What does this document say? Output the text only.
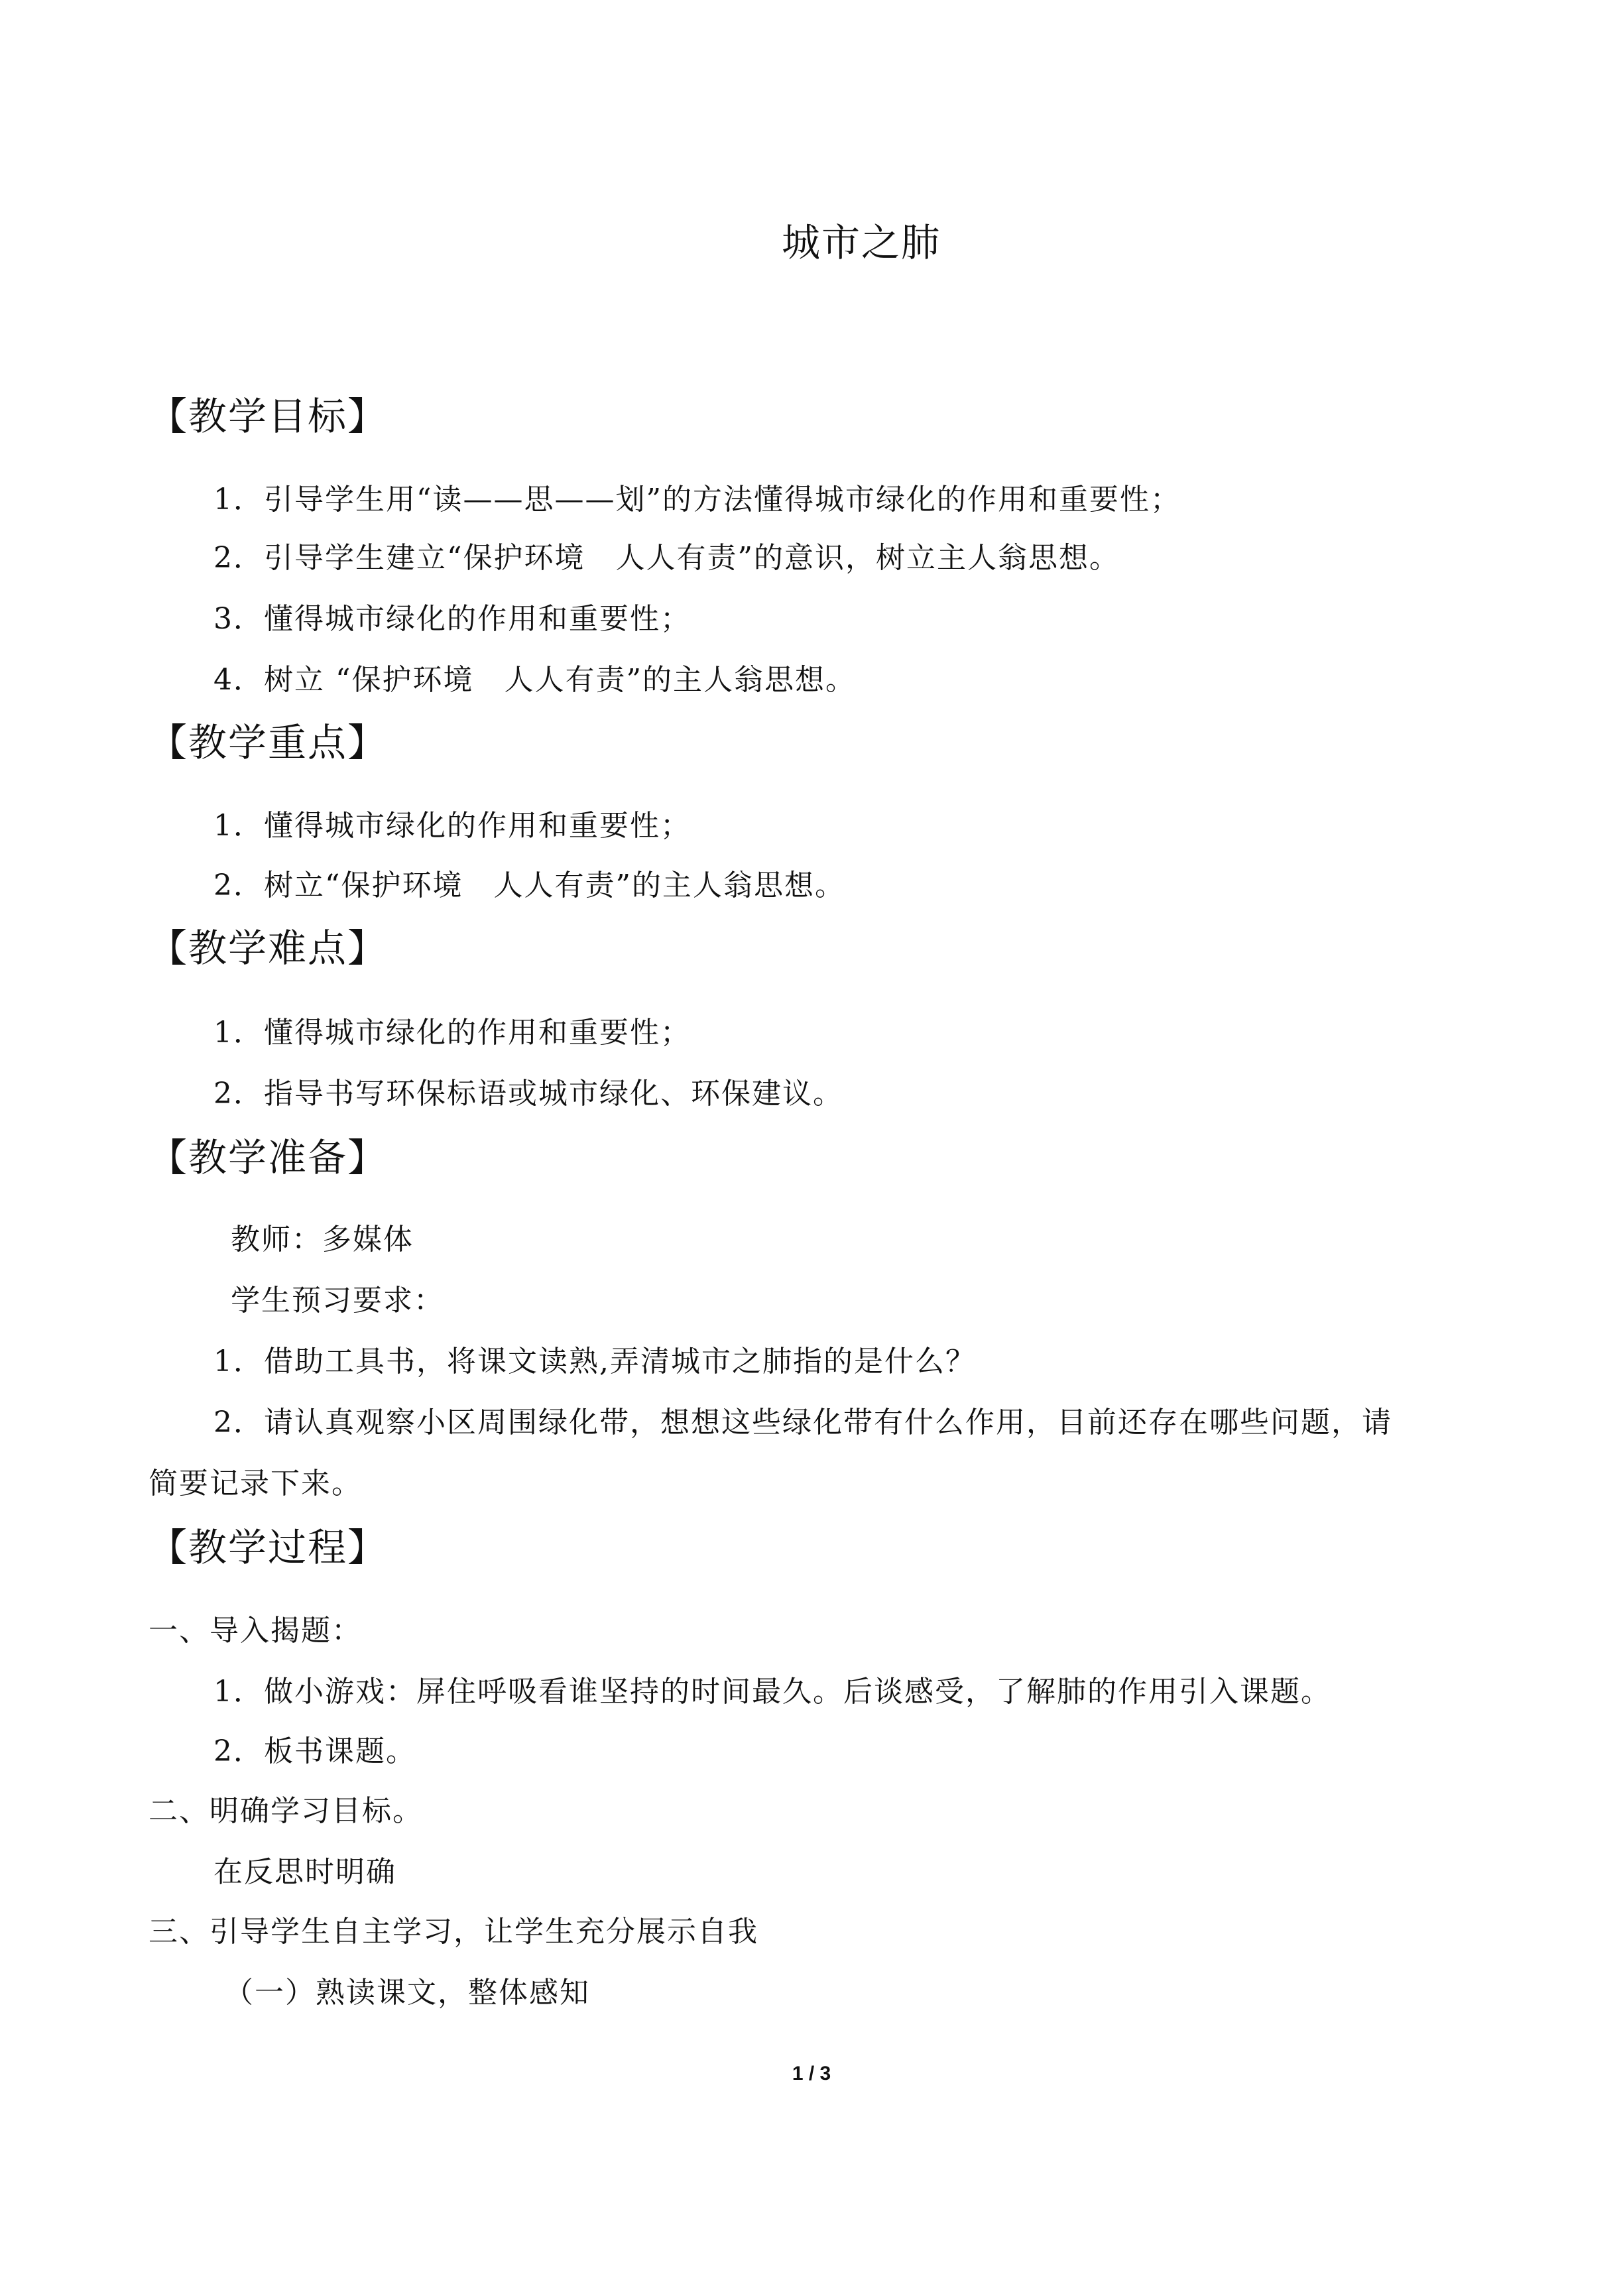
城市之肺
【教学目标】
1．引导学生用“读——思——划”的方法懂得城市绿化的作用和重要性；
2．引导学生建立“保护环境　人人有责”的意识，树立主人翁思想。
3．懂得城市绿化的作用和重要性；
4．树立 “保护环境　人人有责”的主人翁思想。
【教学重点】
1．懂得城市绿化的作用和重要性；
2．树立“保护环境　人人有责”的主人翁思想。
【教学难点】
1．懂得城市绿化的作用和重要性；
2．指导书写环保标语或城市绿化、环保建议。
【教学准备】
教师：多媒体
学生预习要求：
1．借助工具书，将课文读熟,弄清城市之肺指的是什么？
2．请认真观察小区周围绿化带，想想这些绿化带有什么作用，目前还存在哪些问题，请
简要记录下来。
【教学过程】
一、导入揭题：
1．做小游戏：屏住呼吸看谁坚持的时间最久。后谈感受，了解肺的作用引入课题。
2．板书课题。
二、明确学习目标。
在反思时明确
三、引导学生自主学习，让学生充分展示自我
（一）熟读课文，整体感知
1 / 3
